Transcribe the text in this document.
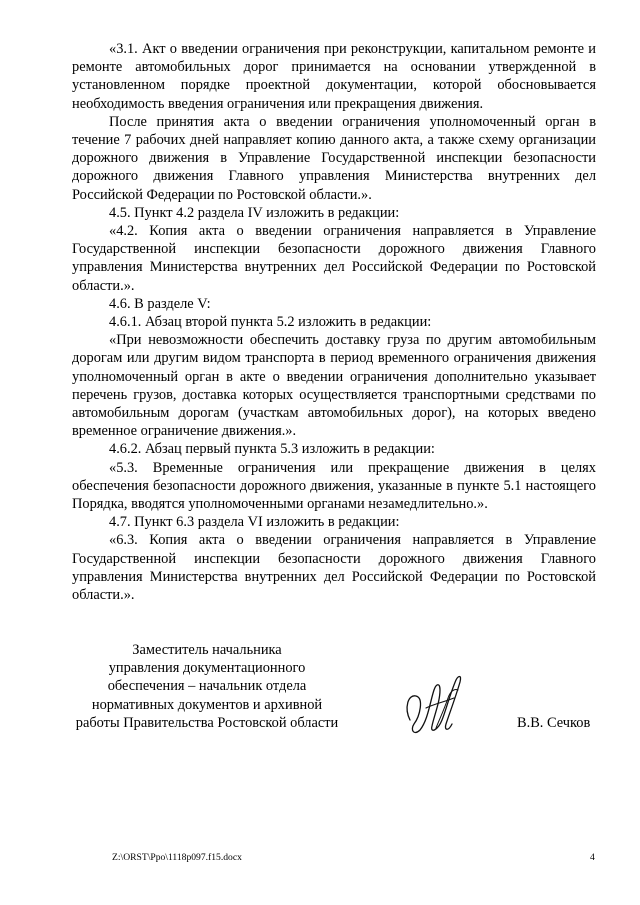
«3.1. Акт о введении ограничения при реконструкции, капитальном ремонте и ремонте автомобильных дорог принимается на основании утвержденной в установленном порядке проектной документации, которой обосновывается необходимость введения ограничения или прекращения движения.

После принятия акта о введении ограничения уполномоченный орган в течение 7 рабочих дней направляет копию данного акта, а также схему организации дорожного движения в Управление Государственной инспекции безопасности дорожного движения Главного управления Министерства внутренних дел Российской Федерации по Ростовской области.».

4.5. Пункт 4.2 раздела IV изложить в редакции:

«4.2. Копия акта о введении ограничения направляется в Управление Государственной инспекции безопасности дорожного движения Главного управления Министерства внутренних дел Российской Федерации по Ростовской области.».

4.6. В разделе V:

4.6.1. Абзац второй пункта 5.2 изложить в редакции:

«При невозможности обеспечить доставку груза по другим автомобильным дорогам или другим видом транспорта в период временного ограничения движения уполномоченный орган в акте о введении ограничения дополнительно указывает перечень грузов, доставка которых осуществляется транспортными средствами по автомобильным дорогам (участкам автомобильных дорог), на которых введено временное ограничение движения.».

4.6.2. Абзац первый пункта 5.3 изложить в редакции:

«5.3. Временные ограничения или прекращение движения в целях обеспечения безопасности дорожного движения, указанные в пункте 5.1 настоящего Порядка, вводятся уполномоченными органами незамедлительно.».

4.7. Пункт 6.3 раздела VI изложить в редакции:

«6.3. Копия акта о введении ограничения направляется в Управление Государственной инспекции безопасности дорожного движения Главного управления Министерства внутренних дел Российской Федерации по Ростовской области.».

Заместитель начальника
управления документационного
обеспечения – начальник отдела
нормативных документов и архивной
работы Правительства Ростовской области	В.В. Сечков
Z:\ORST\Ppo\1118p097.f15.docx	4
